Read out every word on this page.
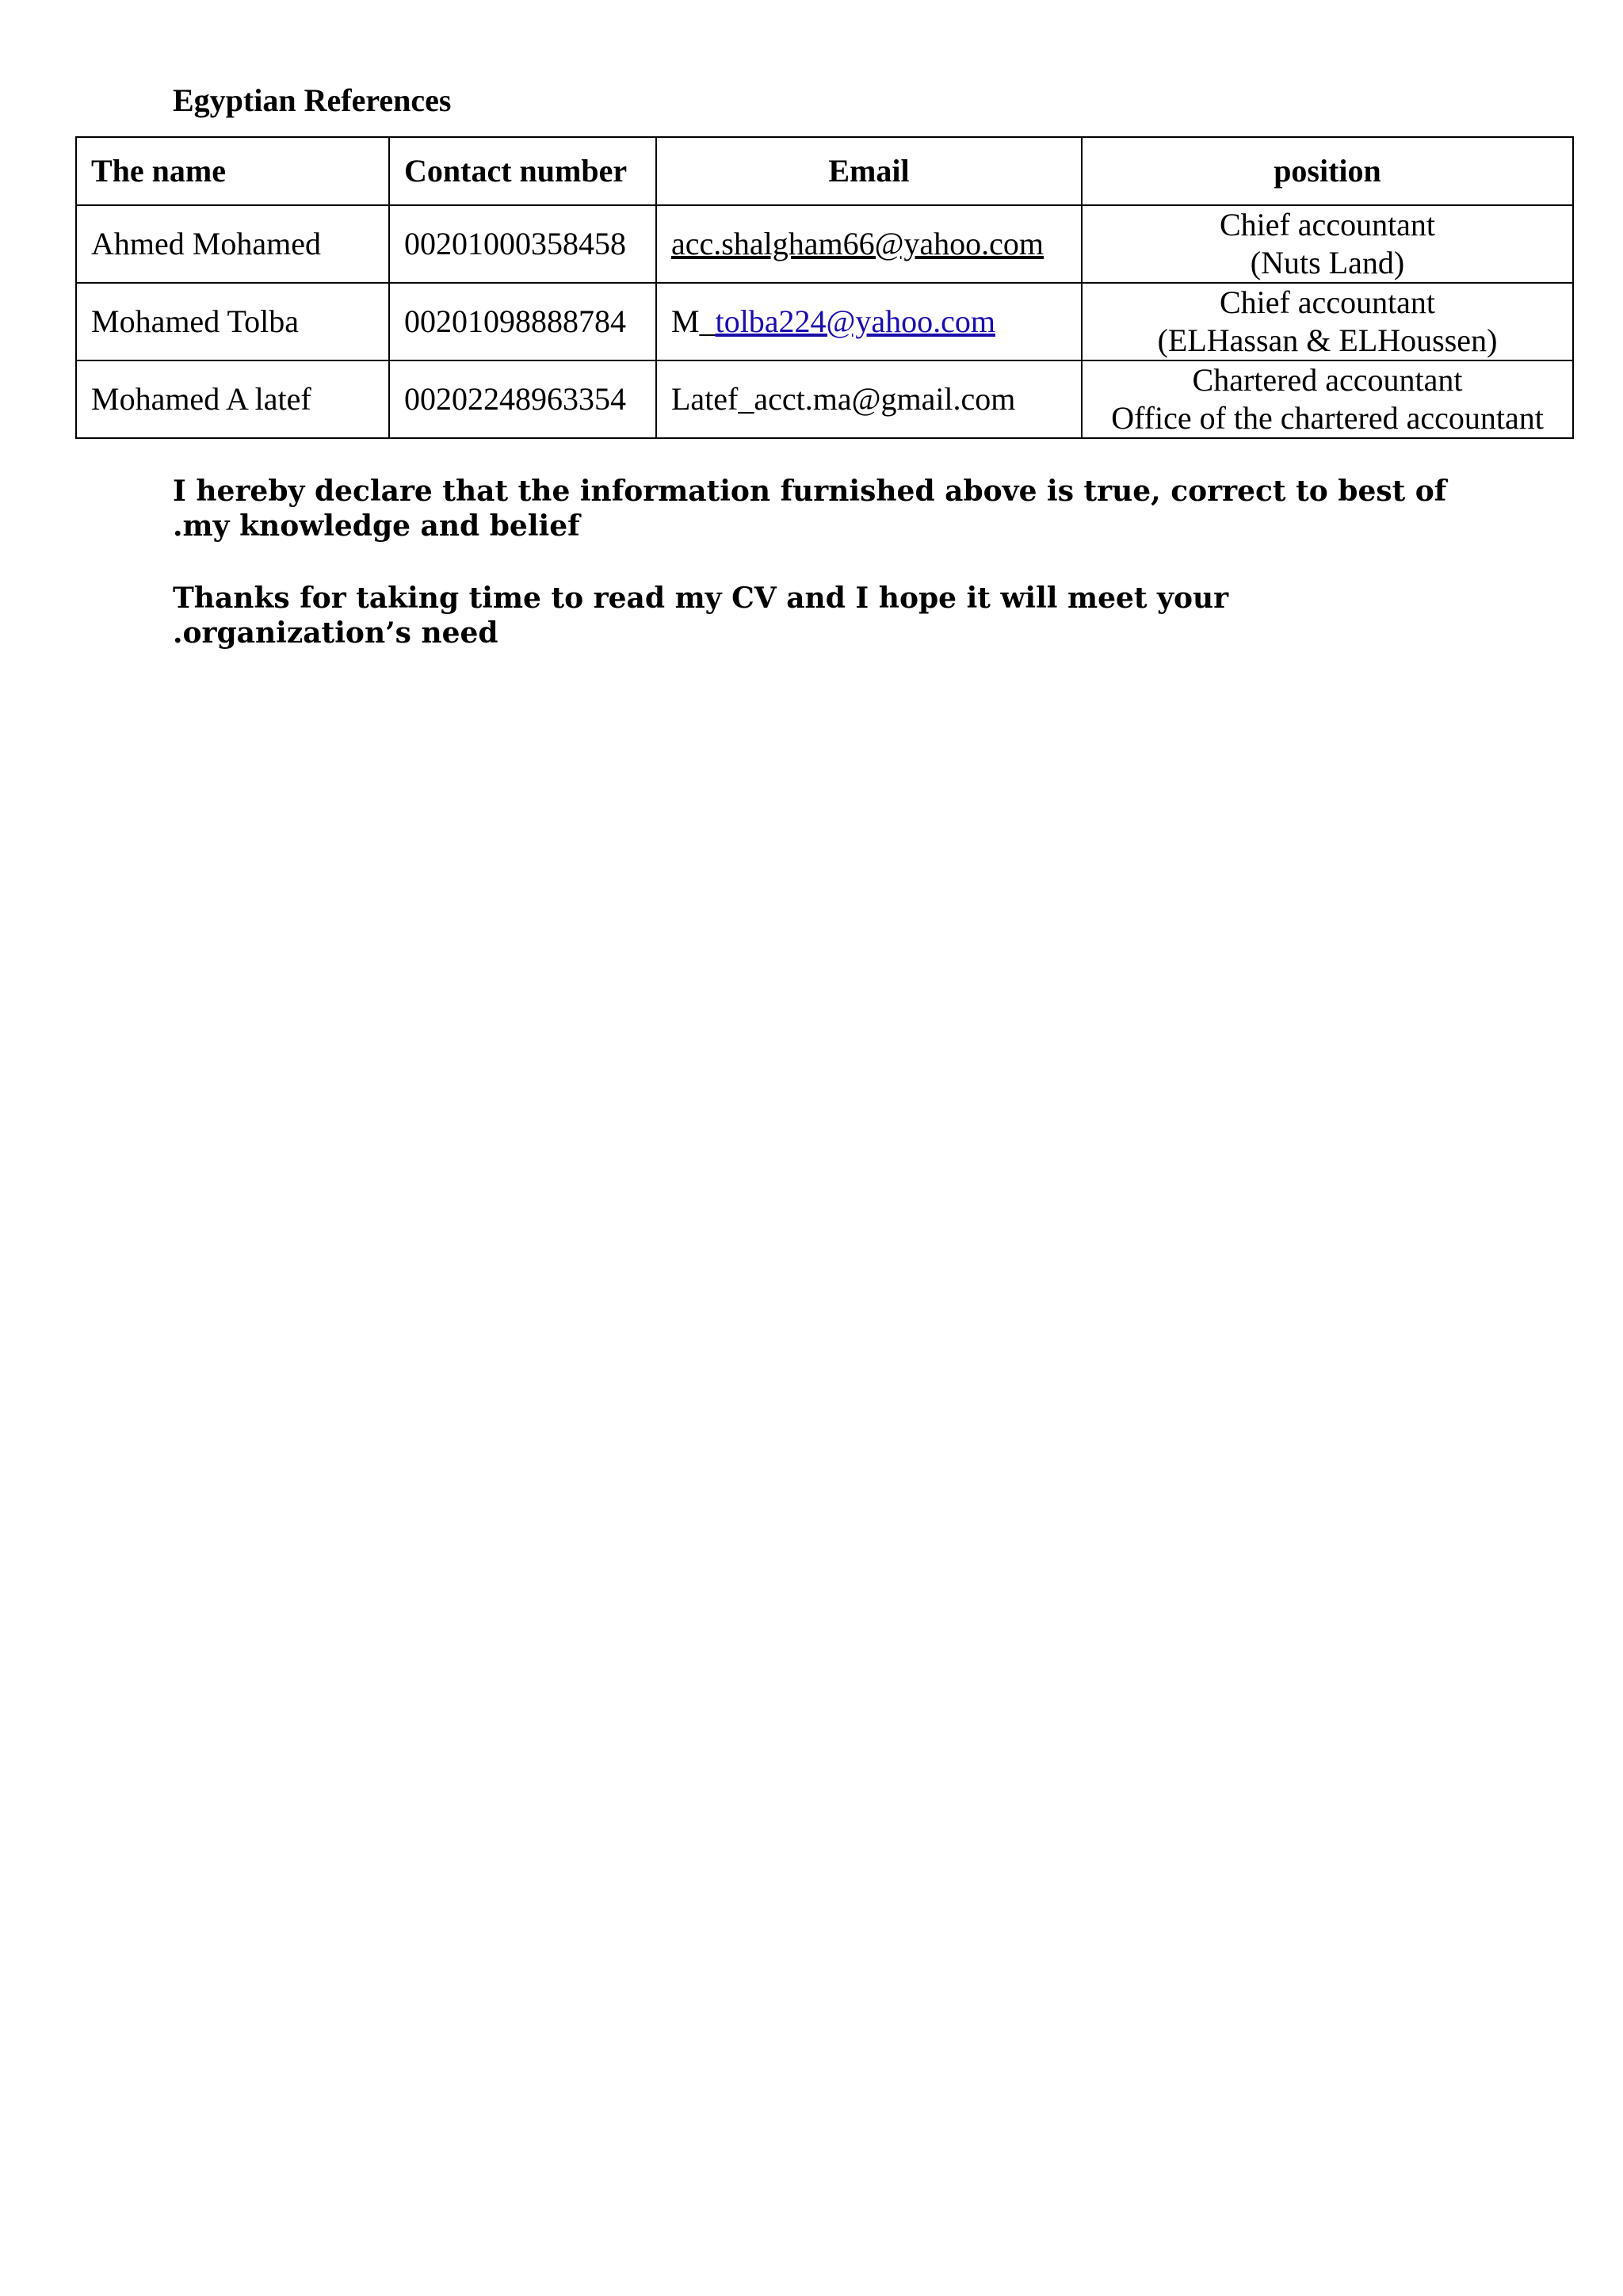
Egyptian References
The name	Contact number	Email	position
Ahmed Mohamed	00201000358458	acc.shalgham66@yahoo.com	Chief accountant
(Nuts Land)

Mohamed Tolba	00201098888784	M_tolba224@yahoo.com	Chief accountant
(ELHassan & ELHoussen)

Mohamed A latef	00202248963354	Latef_acct.ma@gmail.com	Chartered accountant
Office of the chartered accountant

I hereby declare that the information furnished above is true, correct to best of
.my knowledge and belief

Thanks for taking time to read my CV and I hope it will meet your
.organization’s need
